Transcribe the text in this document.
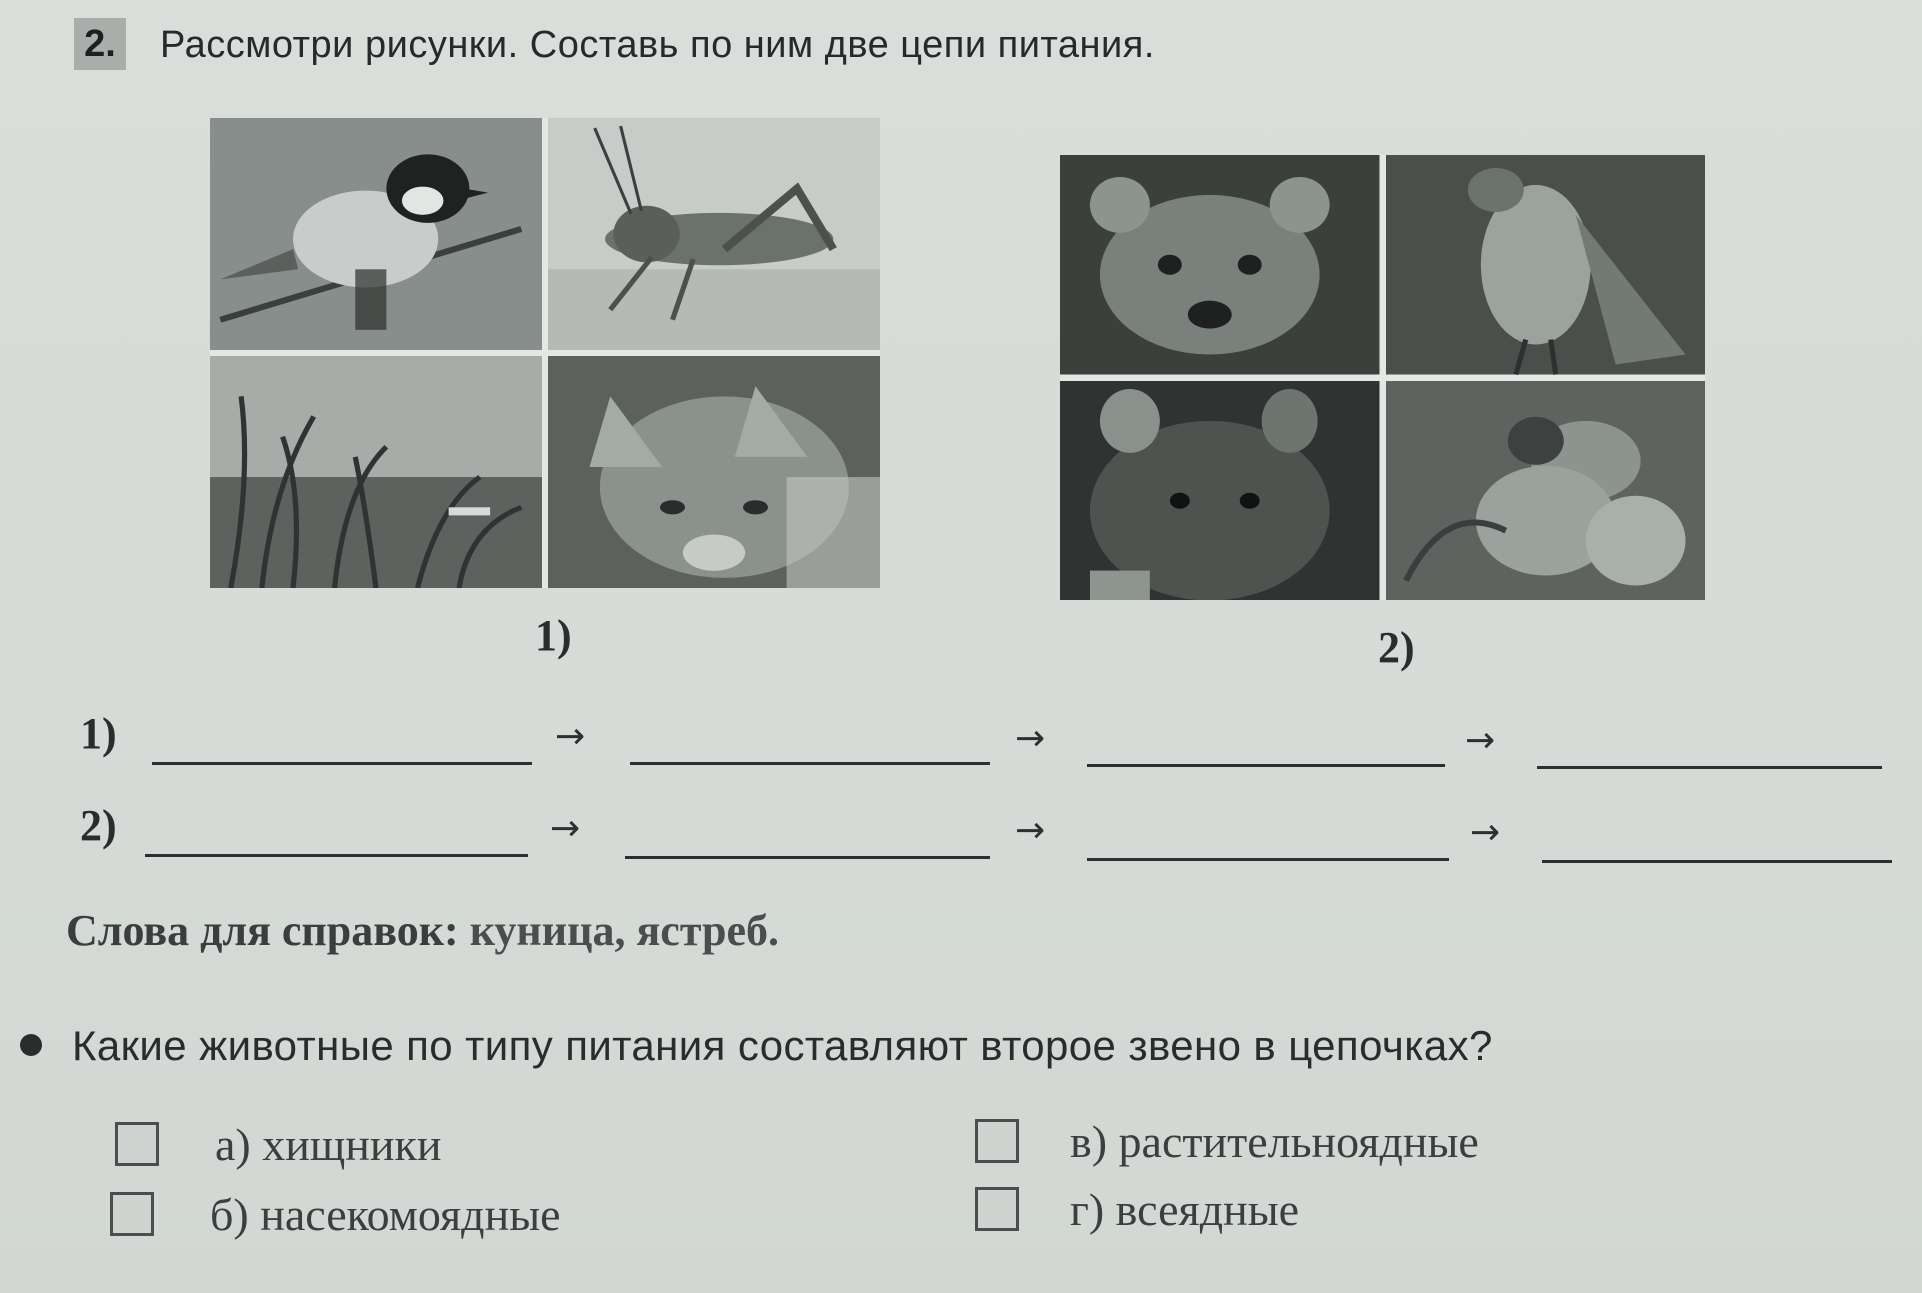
2. Рассмотри рисунки. Составь по ним две цепи питания.
1)	2)
1)	→	→	→
2)	→	→	→
Слова для справок: куница, ястреб.
Какие животные по типу питания составляют второе звено в цепочках?
а) хищники
б) насекомоядные
в) растительноядные
г) всеядные
